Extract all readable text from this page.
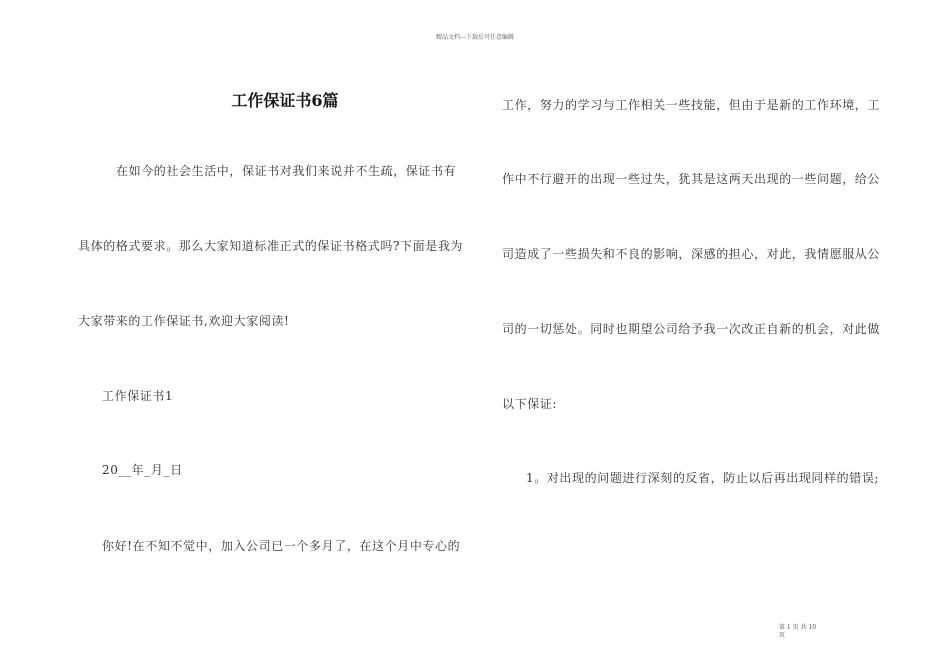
精品文档---下载后可任意编辑
工作保证书6篇
在如今的社会生活中，保证书对我们来说并不生疏，保证书有
具体的格式要求。那么大家知道标准正式的保证书格式吗?下面是我为
大家带来的工作保证书,欢迎大家阅读!
工作保证书1
20__年_月_日
你好!在不知不觉中，加入公司已一个多月了，在这个月中专心的
工作，努力的学习与工作相关一些技能，但由于是新的工作环境，工
作中不行避开的出现一些过失，犹其是这两天出现的一些问题，给公
司造成了一些损失和不良的影响，深感的担心，对此，我情愿服从公
司的一切惩处。同时也期望公司给予我一次改正自新的机会，对此做
以下保证:
1。对出现的问题进行深刻的反省，防止以后再出现同样的错误;
第 1 页 共 10
页
